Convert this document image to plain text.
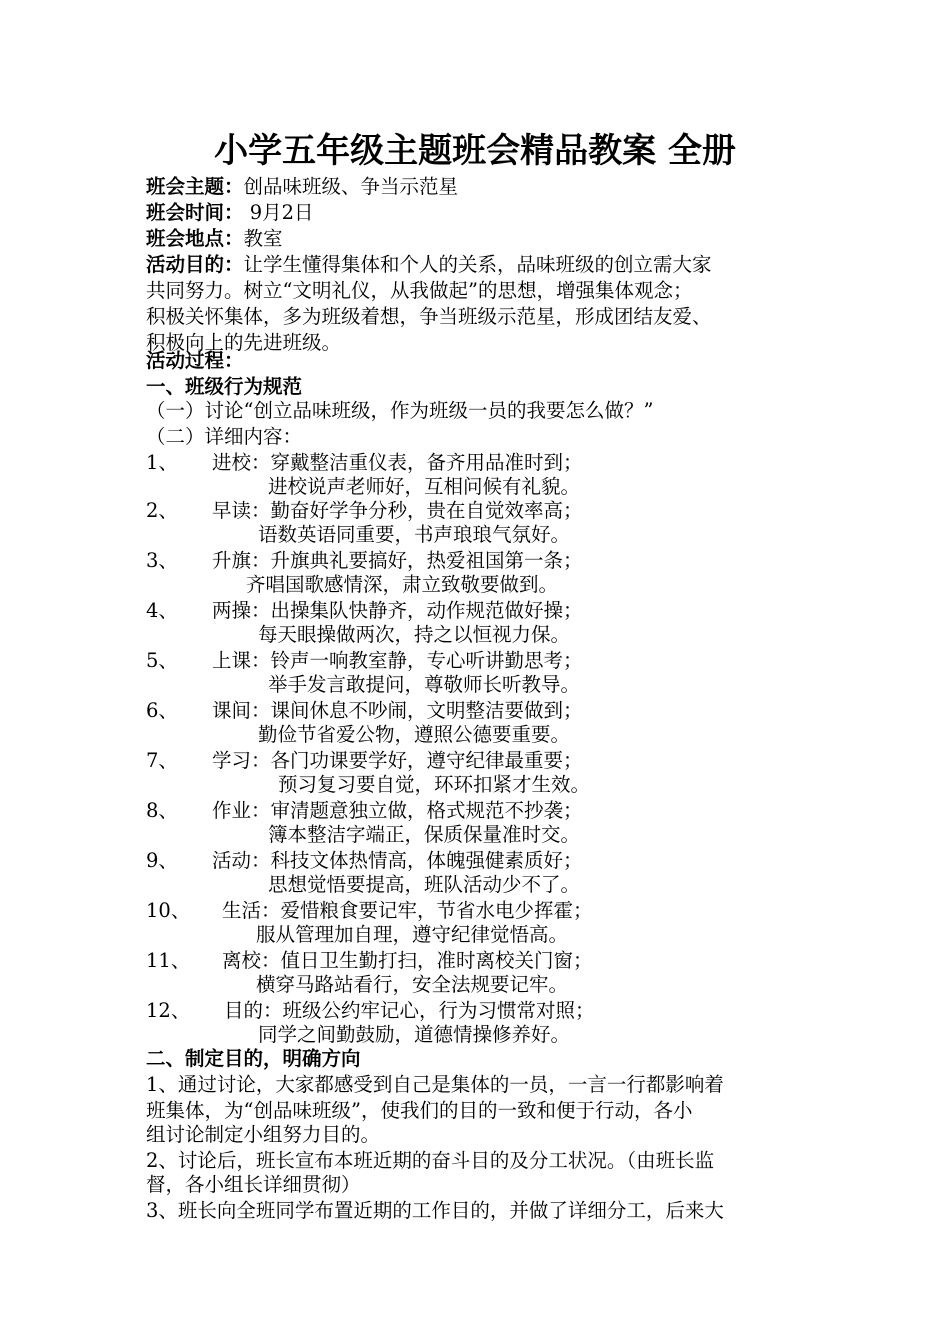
小学五年级主题班会精品教案 全册
班会主题：创品味班级、争当示范星
班会时间： 9月2日
班会地点：教室
活动目的：让学生懂得集体和个人的关系，品味班级的创立需大家
共同努力。树立“文明礼仪，从我做起”的思想，增强集体观念；
积极关怀集体，多为班级着想，争当班级示范星，形成团结友爱、
积极向上的先进班级。
活动过程：
一、班级行为规范
（一）讨论“创立品味班级，作为班级一员的我要怎么做？”
（二）详细内容：
1、 进校：穿戴整洁重仪表，备齐用品准时到；
进校说声老师好，互相问候有礼貌。
2、 早读：勤奋好学争分秒，贵在自觉效率高；
语数英语同重要，书声琅琅气氛好。
3、 升旗：升旗典礼要搞好，热爱祖国第一条；
齐唱国歌感情深，肃立致敬要做到。
4、 两操：出操集队快静齐，动作规范做好操；
每天眼操做两次，持之以恒视力保。
5、 上课：铃声一响教室静，专心听讲勤思考；
举手发言敢提问，尊敬师长听教导。
6、 课间：课间休息不吵闹，文明整洁要做到；
勤俭节省爱公物，遵照公德要重要。
7、 学习：各门功课要学好，遵守纪律最重要；
预习复习要自觉，环环扣紧才生效。
8、 作业：审清题意独立做，格式规范不抄袭；
簿本整洁字端正，保质保量准时交。
9、 活动：科技文体热情高，体魄强健素质好；
思想觉悟要提高，班队活动少不了。
10、 生活：爱惜粮食要记牢，节省水电少挥霍；
服从管理加自理，遵守纪律觉悟高。
11、 离校：值日卫生勤打扫，准时离校关门窗；
横穿马路站看行，安全法规要记牢。
12、 目的：班级公约牢记心，行为习惯常对照；
同学之间勤鼓励，道德情操修养好。
二、制定目的，明确方向
1、通过讨论，大家都感受到自己是集体的一员，一言一行都影响着
班集体，为“创品味班级”，使我们的目的一致和便于行动，各小
组讨论制定小组努力目的。
2、讨论后，班长宣布本班近期的奋斗目的及分工状况。（由班长监
督，各小组长详细贯彻）
3、班长向全班同学布置近期的工作目的，并做了详细分工，后来大
